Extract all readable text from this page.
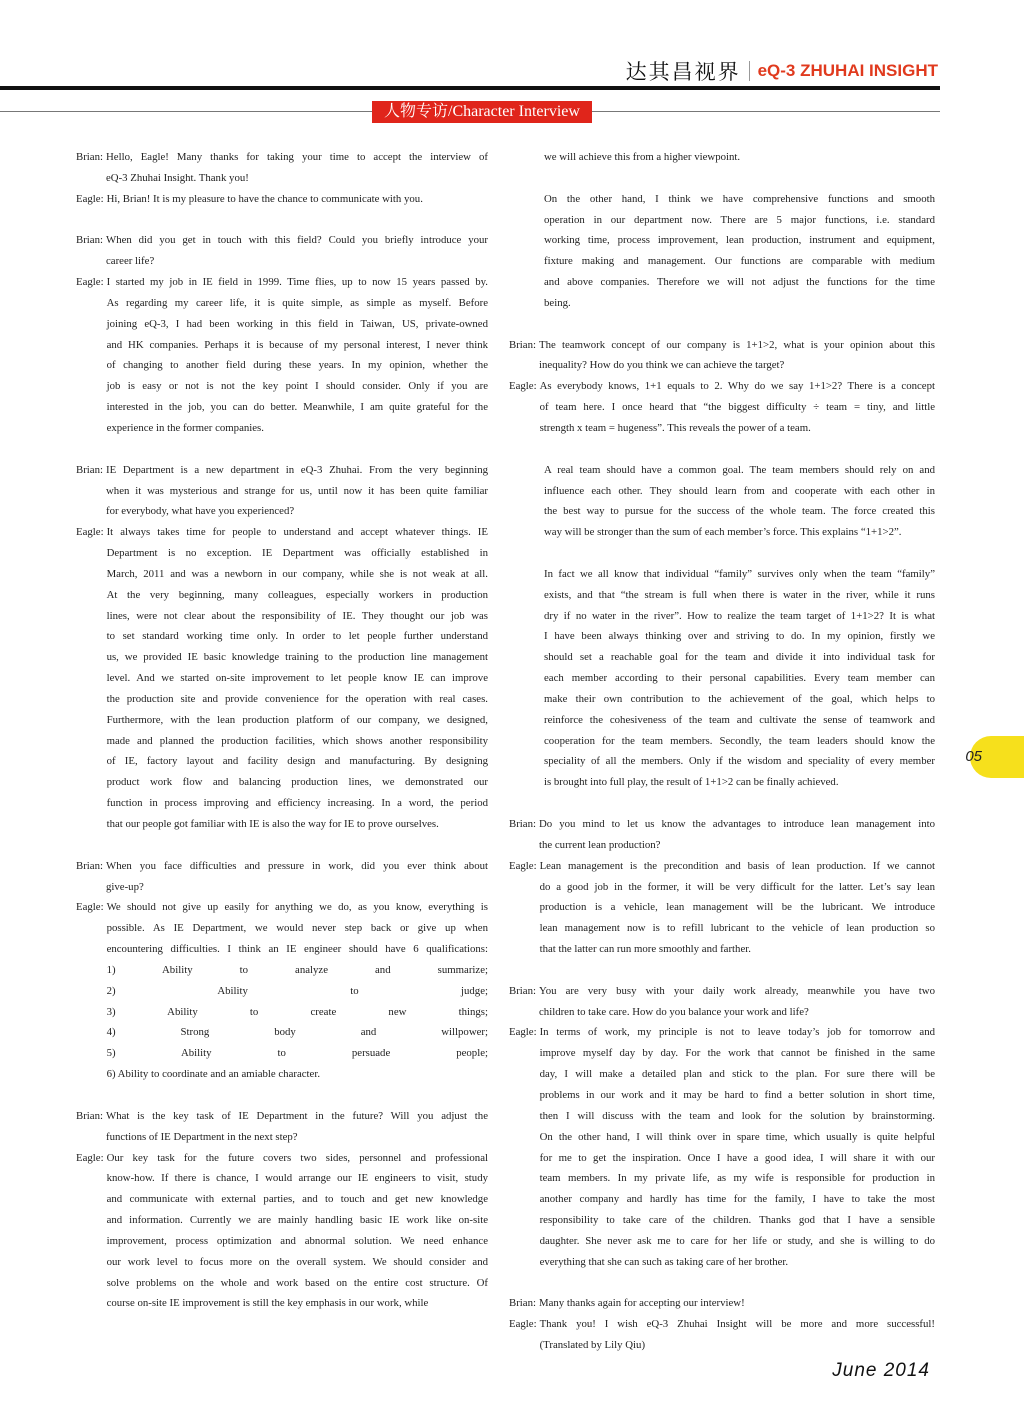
达其昌视界 eQ-3 ZHUHAI INSIGHT
人物专访/Character Interview
Brian: Hello, Eagle! Many thanks for taking your time to accept the interview of
eQ-3 Zhuhai Insight. Thank you!
Eagle: Hi, Brian! It is my pleasure to have the chance to communicate with you.
Brian: When did you get in touch with this field? Could you briefly introduce your
career life?
Eagle: I started my job in IE field in 1999. Time flies, up to now 15 years passed by.
As regarding my career life, it is quite simple, as simple as myself. Before
joining eQ-3, I had been working in this field in Taiwan, US, private-owned
and HK companies. Perhaps it is because of my personal interest, I never think
of changing to another field during these years. In my opinion, whether the
job is easy or not is not the key point I should consider. Only if you are
interested in the job, you can do better. Meanwhile, I am quite grateful for the
experience in the former companies.
Brian: IE Department is a new department in eQ-3 Zhuhai. From the very beginning
when it was mysterious and strange for us, until now it has been quite familiar
for everybody, what have you experienced?
Eagle: It always takes time for people to understand and accept whatever things. IE
Department is no exception. IE Department was officially established in
March, 2011 and was a newborn in our company, while she is not weak at all.
At the very beginning, many colleagues, especially workers in production
lines, were not clear about the responsibility of IE. They thought our job was
to set standard working time only. In order to let people further understand
us, we provided IE basic knowledge training to the production line management
level. And we started on-site improvement to let people know IE can improve
the production site and provide convenience for the operation with real cases.
Furthermore, with the lean production platform of our company, we designed,
made and planned the production facilities, which shows another responsibility
of IE, factory layout and facility design and manufacturing. By designing
product work flow and balancing production lines, we demonstrated our
function in process improving and efficiency increasing. In a word, the period
that our people got familiar with IE is also the way for IE to prove ourselves.
Brian: When you face difficulties and pressure in work, did you ever think about
give-up?
Eagle: We should not give up easily for anything we do, as you know, everything is
possible. As IE Department, we would never step back or give up when
encountering difficulties. I think an IE engineer should have 6 qualifications:
1) Ability to analyze and summarize;
2) Ability to judge;
3) Ability to create new things;
4) Strong body and willpower;
5) Ability to persuade people;
6) Ability to coordinate and an amiable character.
Brian: What is the key task of IE Department in the future? Will you adjust the
functions of IE Department in the next step?
Eagle: Our key task for the future covers two sides, personnel and professional
know-how. If there is chance, I would arrange our IE engineers to visit, study
and communicate with external parties, and to touch and get new knowledge
and information. Currently we are mainly handling basic IE work like on-site
improvement, process optimization and abnormal solution. We need enhance
our work level to focus more on the overall system. We should consider and
solve problems on the whole and work based on the entire cost structure. Of
course on-site IE improvement is still the key emphasis in our work, while
we will achieve this from a higher viewpoint.
On the other hand, I think we have comprehensive functions and smooth
operation in our department now. There are 5 major functions, i.e. standard
working time, process improvement, lean production, instrument and equipment,
fixture making and management. Our functions are comparable with medium
and above companies. Therefore we will not adjust the functions for the time
being.
Brian: The teamwork concept of our company is 1+1>2, what is your opinion about this
inequality? How do you think we can achieve the target?
Eagle: As everybody knows, 1+1 equals to 2. Why do we say 1+1>2? There is a concept
of team here. I once heard that “the biggest difficulty ÷ team = tiny, and little
strength x team = hugeness”. This reveals the power of a team.
A real team should have a common goal. The team members should rely on and
influence each other. They should learn from and cooperate with each other in
the best way to pursue for the success of the whole team. The force created this
way will be stronger than the sum of each member’s force. This explains “1+1>2”.
In fact we all know that individual “family” survives only when the team “family”
exists, and that “the stream is full when there is water in the river, while it runs
dry if no water in the river”. How to realize the team target of 1+1>2? It is what
I have been always thinking over and striving to do. In my opinion, firstly we
should set a reachable goal for the team and divide it into individual task for
each member according to their personal capabilities. Every team member can
make their own contribution to the achievement of the goal, which helps to
reinforce the cohesiveness of the team and cultivate the sense of teamwork and
cooperation for the team members. Secondly, the team leaders should know the
speciality of all the members. Only if the wisdom and speciality of every member
is brought into full play, the result of 1+1>2 can be finally achieved.
Brian: Do you mind to let us know the advantages to introduce lean management into
the current lean production?
Eagle: Lean management is the precondition and basis of lean production. If we cannot
do a good job in the former, it will be very difficult for the latter. Let’s say lean
production is a vehicle, lean management will be the lubricant. We introduce
lean management now is to refill lubricant to the vehicle of lean production so
that the latter can run more smoothly and farther.
Brian: You are very busy with your daily work already, meanwhile you have two
children to take care. How do you balance your work and life?
Eagle: In terms of work, my principle is not to leave today’s job for tomorrow and
improve myself day by day. For the work that cannot be finished in the same
day, I will make a detailed plan and stick to the plan. For sure there will be
problems in our work and it may be hard to find a better solution in short time,
then I will discuss with the team and look for the solution by brainstorming.
On the other hand, I will think over in spare time, which usually is quite helpful
for me to get the inspiration. Once I have a good idea, I will share it with our
team members. In my private life, as my wife is responsible for production in
another company and hardly has time for the family, I have to take the most
responsibility to take care of the children. Thanks god that I have a sensible
daughter. She never ask me to care for her life or study, and she is willing to do
everything that she can such as taking care of her brother.
Brian: Many thanks again for accepting our interview!
Eagle: Thank you! I wish eQ-3 Zhuhai Insight will be more and more successful!
(Translated by Lily Qiu)
05
June 2014
